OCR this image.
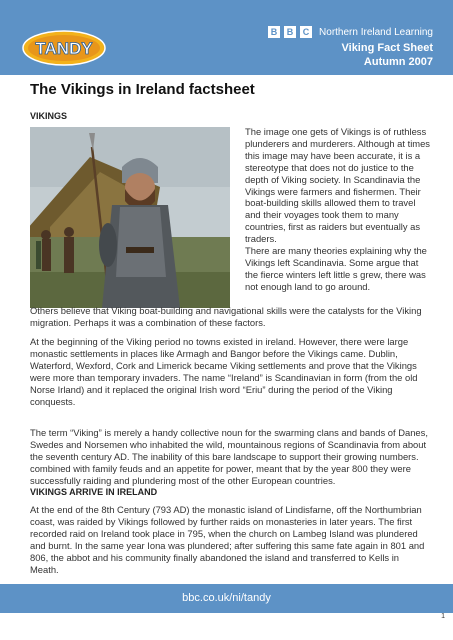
TANDY
B	B	C Northern Ireland Learning
Viking Fact Sheet
Autumn 2007
The Vikings in Ireland factsheet
VIKINGS

The image one gets of Vikings is of ruthless plunderers and murderers. Although at times this image may have been accurate, it is a stereotype that does not do justice to the depth of Viking society. In Scandinavia the Vikings were farmers and fishermen. Their boat-building skills allowed them to travel and their voyages took them to many countries, first as raiders but eventually as traders.

There are many theories explaining why the Vikings left Scandinavia. Some argue that the fierce winters left little s grew, there was not enough land to go around.

Others believe that Viking boat-building and navigational skills were the catalysts for the Viking migration. Perhaps it was a combination of these factors.

At the beginning of the Viking period no towns existed in ireland. However, there were large monastic settlements in places like Armagh and Bangor before the Vikings came. Dublin, Waterford, Wexford, Cork and Limerick became Viking settlements and prove that the Vikings were more than temporary invaders. The name “Ireland” is Scandinavian in form (from the old Norse Irland) and it replaced the original Irish word “Eriu” during the period of the Viking conquests.

The term “Viking” is merely a handy collective noun for the swarming clans and bands of Danes, Swedes and Norsemen who inhabited the wild, mountainous regions of Scandinavia from about the seventh century AD. The inability of this bare landscape to support their growing numbers. combined with family feuds and an appetite for power, meant that by the year 800 they were successfully raiding and plundering most of the other European countries.

VIKINGS ARRIVE IN IRELAND

At the end of the 8th Century (793 AD) the monastic island of Lindisfarne, off the Northumbrian coast, was raided by Vikings followed by further raids on monasteries in later years. The first recorded raid on Ireland took place in 795, when the church on Lambeg Island was plundered and burnt. In the same year Iona was plundered; after suffering this same fate again in 801 and 806, the abbot and his community finally abandoned the island and transferred to Kells in Meath.

bbc.co.uk/ni/tandy
1
